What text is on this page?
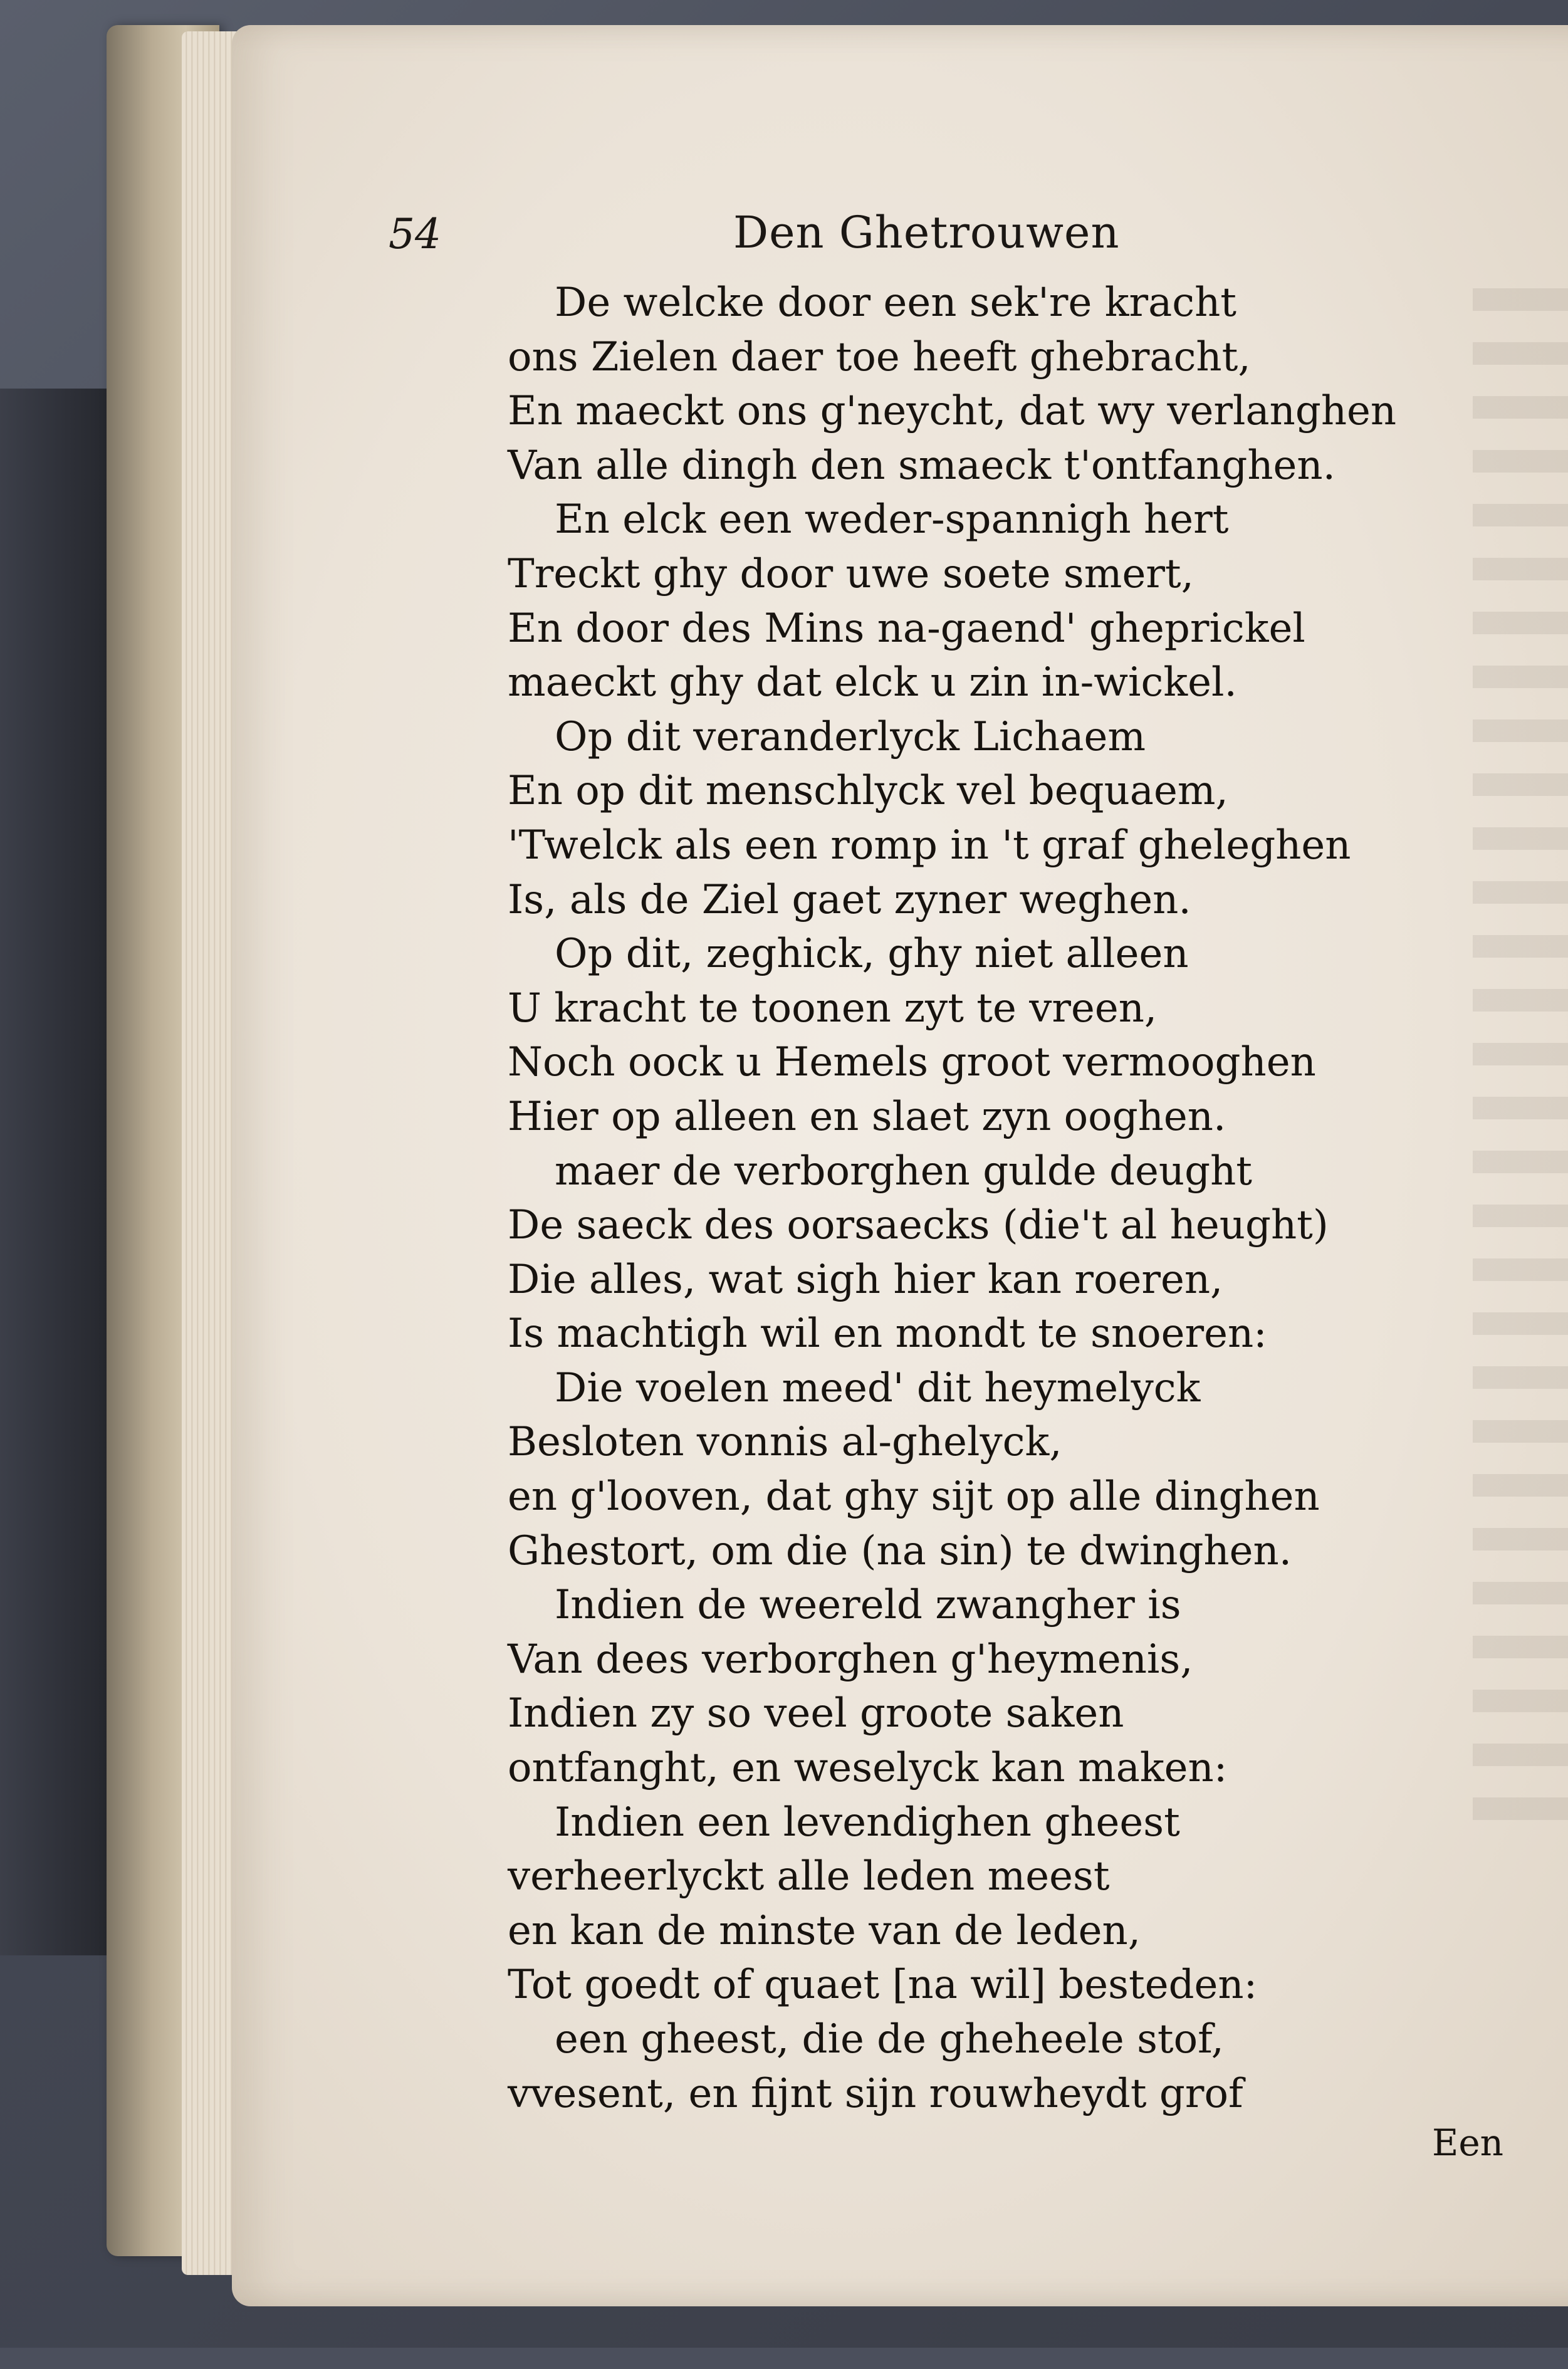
54	Den Ghetrouwen
De welcke door een sek're kracht
ons Zielen daer toe heeft ghebracht,
En maeckt ons g'neycht, dat wy verlanghen
Van alle dingh den smaeck t'ontfanghen.
En elck een weder-spannigh hert
Treckt ghy door uwe soete smert,
En door des Mins na-gaend' gheprickel
maeckt ghy dat elck u zin in-wickel.
Op dit veranderlyck Lichaem
En op dit menschlyck vel bequaem,
'Twelck als een romp in 't graf gheleghen
Is, als de Ziel gaet zyner weghen.
Op dit, zeghick, ghy niet alleen
U kracht te toonen zyt te vreen,
Noch oock u Hemels groot vermooghen
Hier op alleen en slaet zyn ooghen.
maer de verborghen gulde deught
De saeck des oorsaecks (die't al heught)
Die alles, wat sigh hier kan roeren,
Is machtigh wil en mondt te snoeren:
Die voelen meed' dit heymelyck
Besloten vonnis al-ghelyck,
en g'looven, dat ghy sijt op alle dinghen
Ghestort, om die (na sin) te dwinghen.
Indien de weereld zwangher is
Van dees verborghen g'heymenis,
Indien zy so veel groote saken
ontfanght, en weselyck kan maken:
Indien een levendighen gheest
verheerlyckt alle leden meest
en kan de minste van de leden,
Tot goedt of quaet [na wil] besteden:
een gheest, die de gheheele stof,
vvesent, en fijnt sijn rouwheydt grof
Een
